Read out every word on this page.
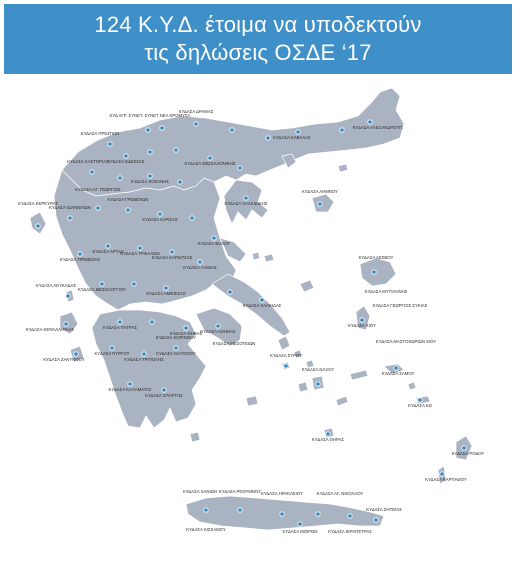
124 Κ.Υ.Δ. έτοιμα να υποδεκτούν
τις δηλώσεις ΟΣΔΕ ‘17
ΚΥΔ ΑΓΡ. ΣΥΝΕΤ. ΣΥΝΕΤ ΝΕΑ ΚΡΟΜΥΣΑ
ΚΥΔΑΣΑ ΔΡΑΜΑΣ
ΚΥΔΑΣΑ ΑΛΕΞΑΝΔΡΟΥΠ.
ΚΥΔΑΣΑ ΠΡΕΣΠΩΝ
ΚΥΔΑΣΑ ΕΔΕΣΣΑΣ	ΚΥΔΑΣΑ ΘΕΣΣΑΛΟΝΙΚΗΣ
ΚΥΔΑΣΑ ΚΑΒΑΛΑΣ
ΚΥΔΑΣΑ ΚΑΣΤΟΡΙΑΣ
ΚΥΔΑΣΑ ΚΟΖΑΝΗΣ
ΚΥΔΑΣΑ ΚΕΡΚΥΡΑΣ
ΚΥΔΑΣΑ ΙΩΑΝΝΙΝΩΝ
ΚΥΔΑΣΑ ΓΡΕΒΕΝΩΝ
ΚΥΔΑΣΑ ΑΓ. ΓΕΩΡΓΙΟΣ
ΚΥΔΑΣΑ ΧΑΛΚΙΔΙΚΗΣ
ΚΥΔΑΣΑ ΛΗΜΝΟΥ
ΚΥΔΑΣΑ ΛΑΡΙΣΑΣ
ΚΥΔΑΣΑ ΤΡΙΚΑΛΩΝ
ΚΥΔΑΣΑ ΒΟΛΟΥ
ΚΥΔΑΣΑ ΚΑΡΔΙΤΣΑΣ
ΚΥΔΑΣΑ ΑΡΤΑΣ
ΚΥΔΑΣΑ ΠΡΕΒΕΖΑΣ	ΚΥΔΑΣΑ ΛΕΣΒΟΥ
ΚΥΔΑΣΑ ΛΑΜΙΑΣ
ΚΥΔΑΣΑ ΑΜΦΙΣΣΑΣ
ΚΥΔΑΣΑ ΛΕΥΚΑΔΑΣ
ΚΥΔΑΣΑ ΜΕΣΟΛΟΓΓΙΟΥ
ΚΥΔΑΣΑ ΘΗΒΑΣ
ΚΥΔΑΣΑ ΧΑΛΚΙΔΑΣ
ΚΥΔΑΣΑ ΚΕΦΑΛΛΗΝΙΑΣ	ΚΥΔΑΣΑ ΠΑΤΡΑΣ
ΚΥΔΑΣΑ ΑΘΗΝΑΣ
ΚΥΔΑΣΑ ΜΕΣΟΓΕΙΩΝ
ΚΥΔΑΣΑ ΧΙΟΥ
ΚΥΔΑΣΑ ΖΑΚΥΝΘΟΥ
ΚΥΔΑΣΑ ΠΥΡΓΟΥ
ΚΥΔΑΣΑ ΤΡΙΠΟΛΗΣ
ΚΥΔΑΣΑ ΚΟΡΙΝΘΟΥ
ΚΥΔΑΣΑ ΝΑΥΠΛΙΟΥ
ΚΥΔΑΣΑ ΣΑΜΟΥ
ΚΥΔΑΣΑ ΚΑΛΑΜΑΤΑΣ
ΚΥΔΑΣΑ ΣΠΑΡΤΗΣ
ΚΥΔΑΣΑ ΝΑΞΟΥ
ΚΥΔΑΣΑ ΣΥΡΟΥ
ΚΥΔΑΣΑ ΘΗΡΑΣ
ΚΥΔΑΣΑ ΡΟΔΟΥ
ΚΥΔΑΣΑ ΧΑΝΙΩΝ ΚΥΔΑΣΑ ΡΕΘΥΜΝΟΥ ΚΥΔΑΣΑ ΗΡΑΚΛΕΙΟΥ	ΚΥΔΑΣΑ ΑΓ. ΝΙΚΟΛΑΟΥ
ΚΥΔΑΣΑ ΣΗΤΕΙΑΣ
ΚΥΔΑΣΑ ΙΕΡΑΠΕΤΡΑΣ
ΚΥΔΑΣΑ ΜΟΙΡΩΝ
ΚΥΔΑΣΑ ΚΙΣΣΑΜΟΥ
ΚΥΔΑΣΑ ΚΩ
ΚΥΔΑΣΑ ΜΥΤΙΛΗΝΗΣ
ΚΥΔΑΣΑ ΓΕΩΡΓΙΟΣ ΣΥΚΙΑΣ
ΚΥΔΑΣΑ ΜΑΣΤΟΧΩΡΙΩΝ ΧΙΟΥ
ΚΥΔΑΣΑ ΚΑΡΠΑΘΟΥ
